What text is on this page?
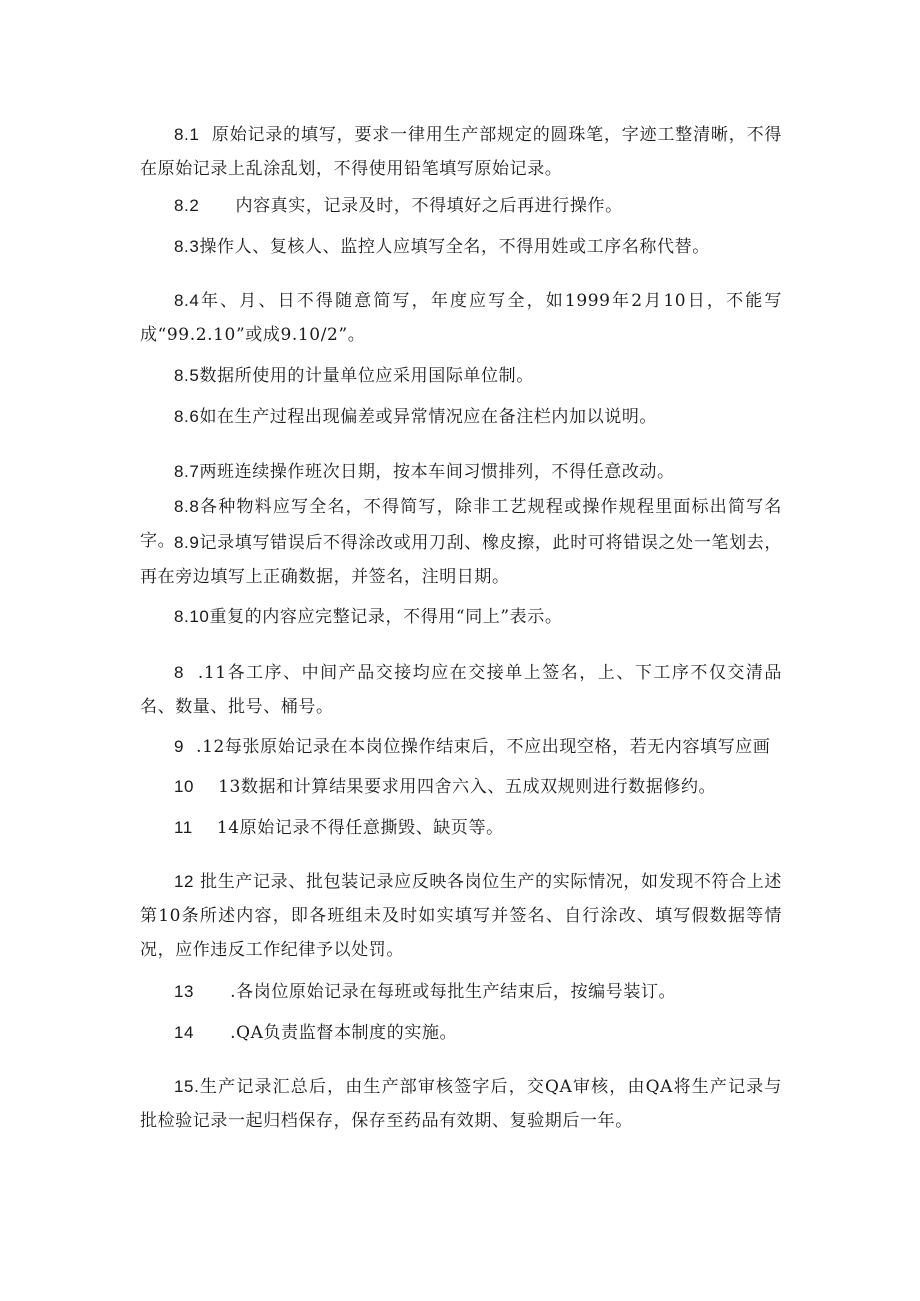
8.1 原始记录的填写，要求一律用生产部规定的圆珠笔，字迹工整清晰，不得在原始记录上乱涂乱划，不得使用铅笔填写原始记录。

8.2 内容真实，记录及时，不得填好之后再进行操作。

8.3操作人、复核人、监控人应填写全名，不得用姓或工序名称代替。

8.4年、月、日不得随意简写，年度应写全，如1999年2月10日，不能写成“99.2.10”或成9.10/2”。

8.5数据所使用的计量单位应采用国际单位制。

8.6如在生产过程出现偏差或异常情况应在备注栏内加以说明。

8.7两班连续操作班次日期，按本车间习惯排列，不得任意改动。

8.8各种物料应写全名，不得简写，除非工艺规程或操作规程里面标出简写名字。

8.9记录填写错误后不得涂改或用刀刮、橡皮擦，此时可将错误之处一笔划去，再在旁边填写上正确数据，并签名，注明日期。

8.10重复的内容应完整记录，不得用“同上”表示。

8 .11各工序、中间产品交接均应在交接单上签名，上、下工序不仅交清品名、数量、批号、桶号。

9 .12每张原始记录在本岗位操作结束后，不应出现空格，若无内容填写应画

10 13数据和计算结果要求用四舍六入、五成双规则进行数据修约。

11 14原始记录不得任意撕毁、缺页等。

12 批生产记录、批包装记录应反映各岗位生产的实际情况，如发现不符合上述第10条所述内容，即各班组未及时如实填写并签名、自行涂改、填写假数据等情况，应作违反工作纪律予以处罚。

13 .各岗位原始记录在每班或每批生产结束后，按编号装订。

14 .QA负责监督本制度的实施。

15.生产记录汇总后，由生产部审核签字后，交QA审核，由QA将生产记录与批检验记录一起归档保存，保存至药品有效期、复验期后一年。
